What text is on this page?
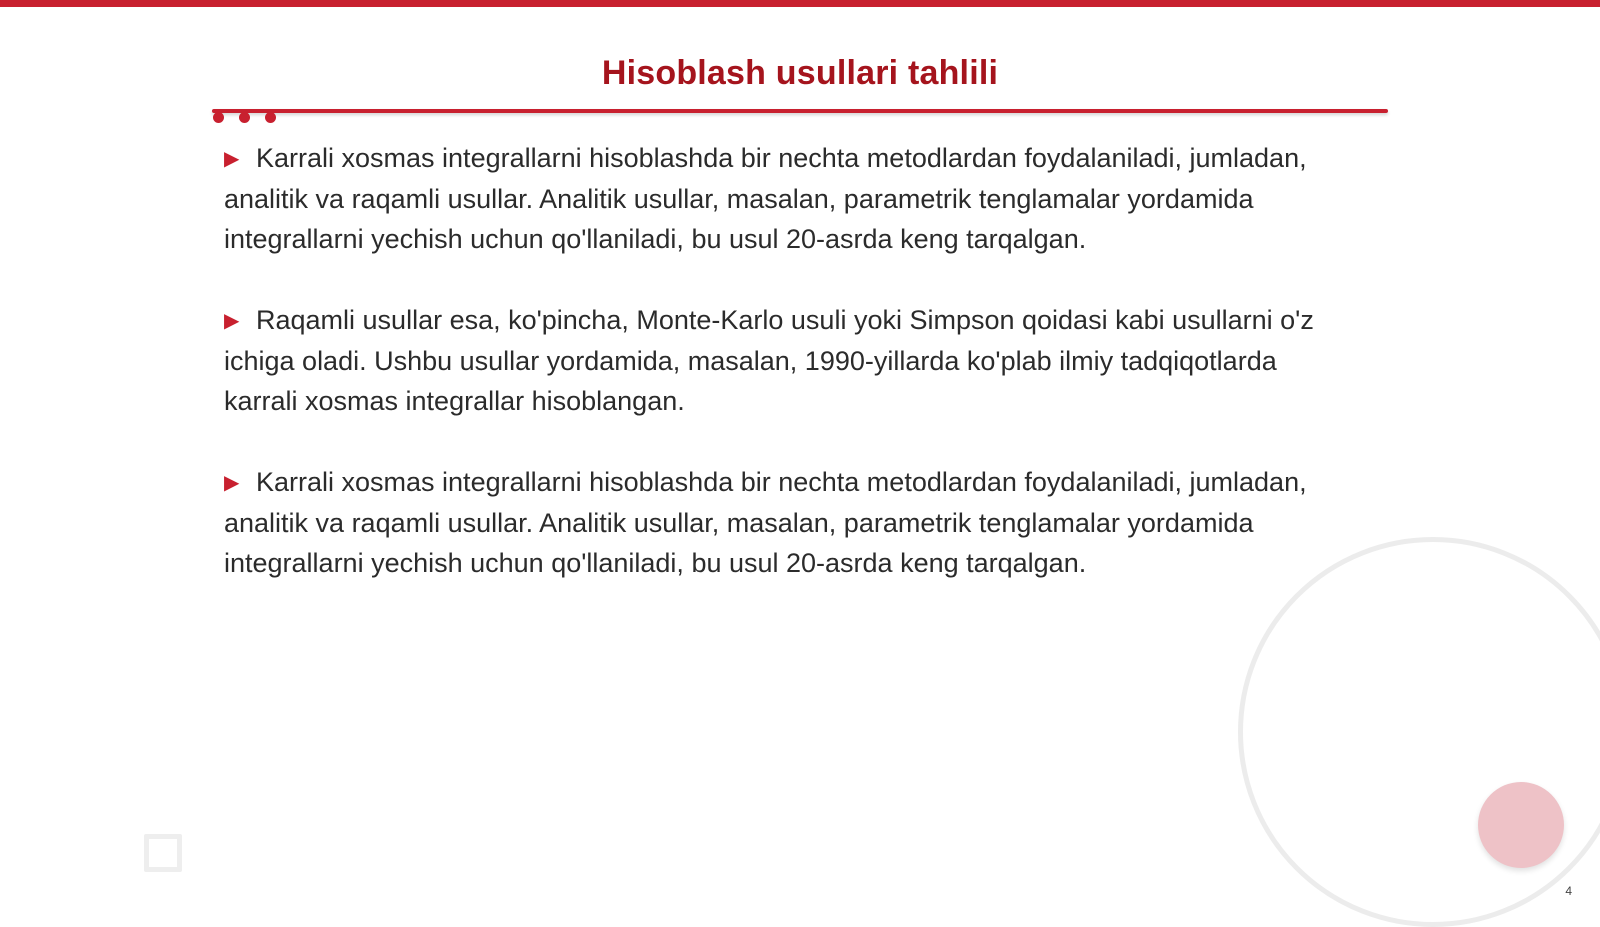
Hisoblash usullari tahlili

▶ Karrali xosmas integrallarni hisoblashda bir nechta metodlardan foydalaniladi, jumladan, analitik va raqamli usullar. Analitik usullar, masalan, parametrik tenglamalar yordamida integrallarni yechish uchun qo'llaniladi, bu usul 20-asrda keng tarqalgan.

▶ Raqamli usullar esa, ko'pincha, Monte-Karlo usuli yoki Simpson qoidasi kabi usullarni o'z ichiga oladi. Ushbu usullar yordamida, masalan, 1990-yillarda ko'plab ilmiy tadqiqotlarda karrali xosmas integrallar hisoblangan.

▶ Karrali xosmas integrallarni hisoblashda bir nechta metodlardan foydalaniladi, jumladan, analitik va raqamli usullar. Analitik usullar, masalan, parametrik tenglamalar yordamida integrallarni yechish uchun qo'llaniladi, bu usul 20-asrda keng tarqalgan.

4
